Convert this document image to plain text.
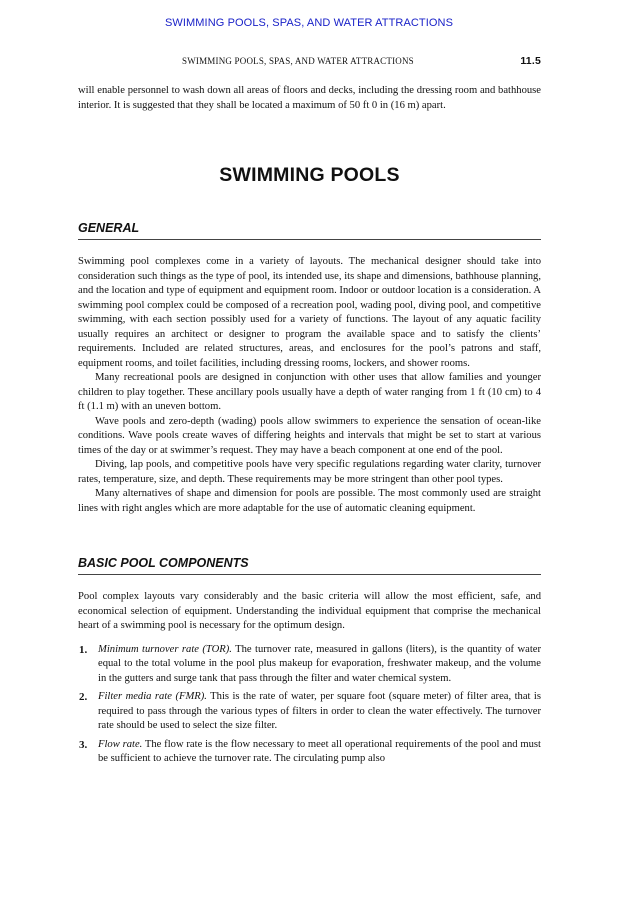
SWIMMING POOLS, SPAS, AND WATER ATTRACTIONS
SWIMMING POOLS, SPAS, AND WATER ATTRACTIONS	11.5

will enable personnel to wash down all areas of floors and decks, including the dressing room and bathhouse interior. It is suggested that they shall be located a maximum of 50 ft 0 in (16 m) apart.

SWIMMING POOLS
GENERAL

Swimming pool complexes come in a variety of layouts. The mechanical designer should take into consideration such things as the type of pool, its intended use, its shape and dimensions, bathhouse planning, and the location and type of equipment and equipment room. Indoor or outdoor location is a consideration. A swimming pool complex could be composed of a recreation pool, wading pool, diving pool, and competitive swimming, with each section possibly used for a variety of functions. The layout of any aquatic facility usually requires an architect or designer to program the available space and to satisfy the clients’ requirements. Included are related structures, areas, and enclosures for the pool’s patrons and staff, equipment rooms, and toilet facilities, including dressing rooms, lockers, and shower rooms.

Many recreational pools are designed in conjunction with other uses that allow families and younger children to play together. These ancillary pools usually have a depth of water ranging from 1 ft (10 cm) to 4 ft (1.1 m) with an uneven bottom.

Wave pools and zero-depth (wading) pools allow swimmers to experience the sensation of ocean-like conditions. Wave pools create waves of differing heights and intervals that might be set to start at various times of the day or at swimmer’s request. They may have a beach component at one end of the pool.

Diving, lap pools, and competitive pools have very specific regulations regarding water clarity, turnover rates, temperature, size, and depth. These requirements may be more stringent than other pool types.

Many alternatives of shape and dimension for pools are possible. The most commonly used are straight lines with right angles which are more adaptable for the use of automatic cleaning equipment.

BASIC POOL COMPONENTS

Pool complex layouts vary considerably and the basic criteria will allow the most efficient, safe, and economical selection of equipment. Understanding the individual equipment that comprise the mechanical heart of a swimming pool is necessary for the optimum design.

1. Minimum turnover rate (TOR). The turnover rate, measured in gallons (liters), is the quantity of water equal to the total volume in the pool plus makeup for evaporation, freshwater makeup, and the volume in the gutters and surge tank that pass through the filter and water chemical system.

2. Filter media rate (FMR). This is the rate of water, per square foot (square meter) of filter area, that is required to pass through the various types of filters in order to clean the water effectively. The turnover rate should be used to select the size filter.

3. Flow rate. The flow rate is the flow necessary to meet all operational requirements of the pool and must be sufficient to achieve the turnover rate. The circulating pump also
